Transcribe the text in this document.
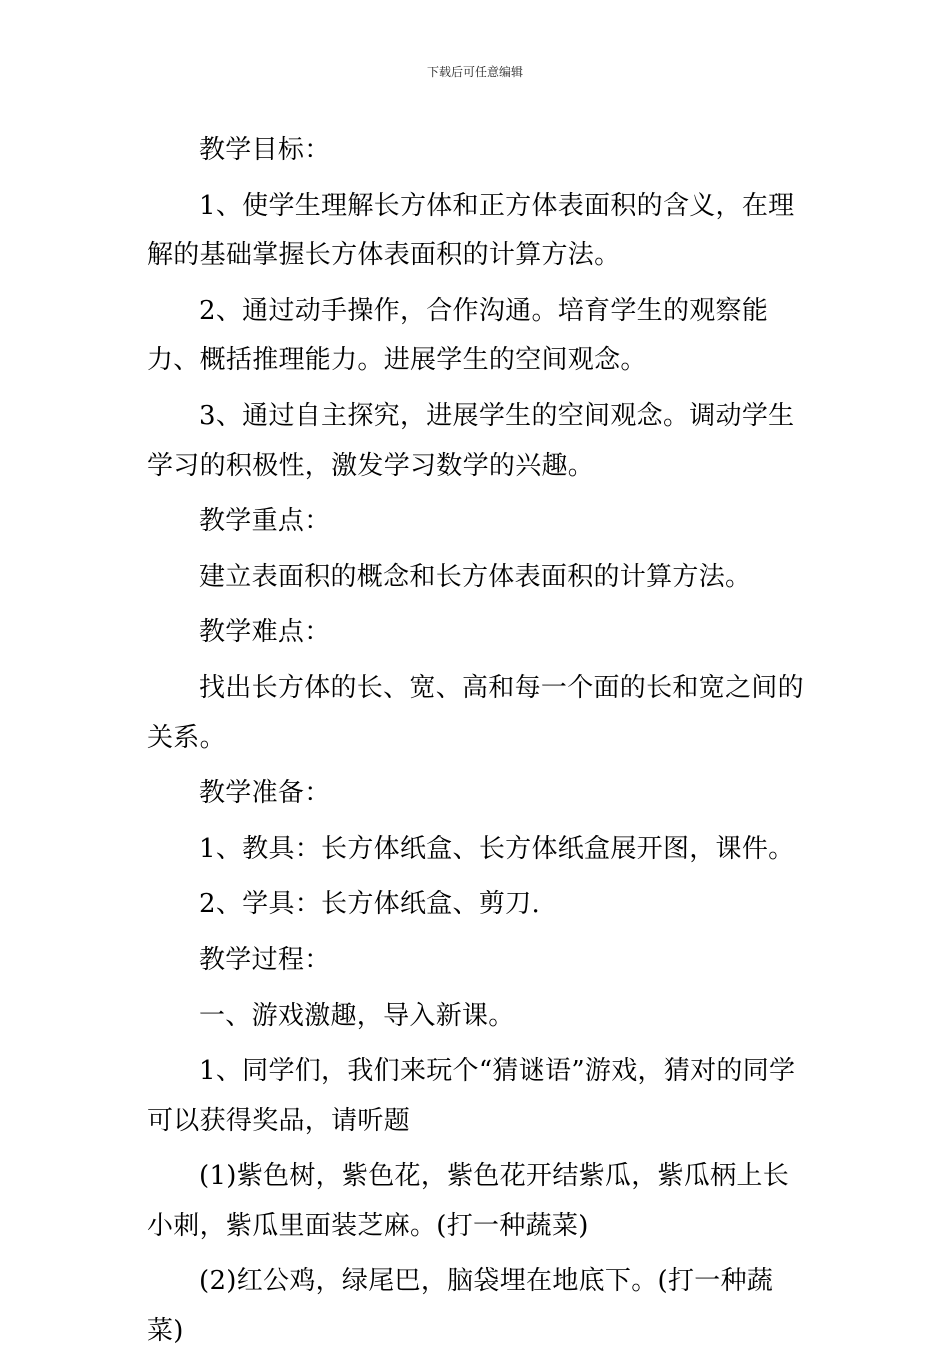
下载后可任意编辑

教学目标：

1、使学生理解长方体和正方体表面积的含义，在理解的基础掌握长方体表面积的计算方法。

2、通过动手操作，合作沟通。培育学生的观察能力、概括推理能力。进展学生的空间观念。

3、通过自主探究，进展学生的空间观念。调动学生学习的积极性，激发学习数学的兴趣。

教学重点：

建立表面积的概念和长方体表面积的计算方法。

教学难点：

找出长方体的长、宽、高和每一个面的长和宽之间的关系。

教学准备：

1、教具：长方体纸盒、长方体纸盒展开图，课件。

2、学具：长方体纸盒、剪刀.

教学过程：

一、游戏激趣，导入新课。

1、同学们，我们来玩个“猜谜语”游戏，猜对的同学可以获得奖品，请听题

(1)紫色树，紫色花，紫色花开结紫瓜，紫瓜柄上长小刺，紫瓜里面装芝麻。(打一种蔬菜)

(2)红公鸡，绿尾巴，脑袋埋在地底下。(打一种蔬菜)
